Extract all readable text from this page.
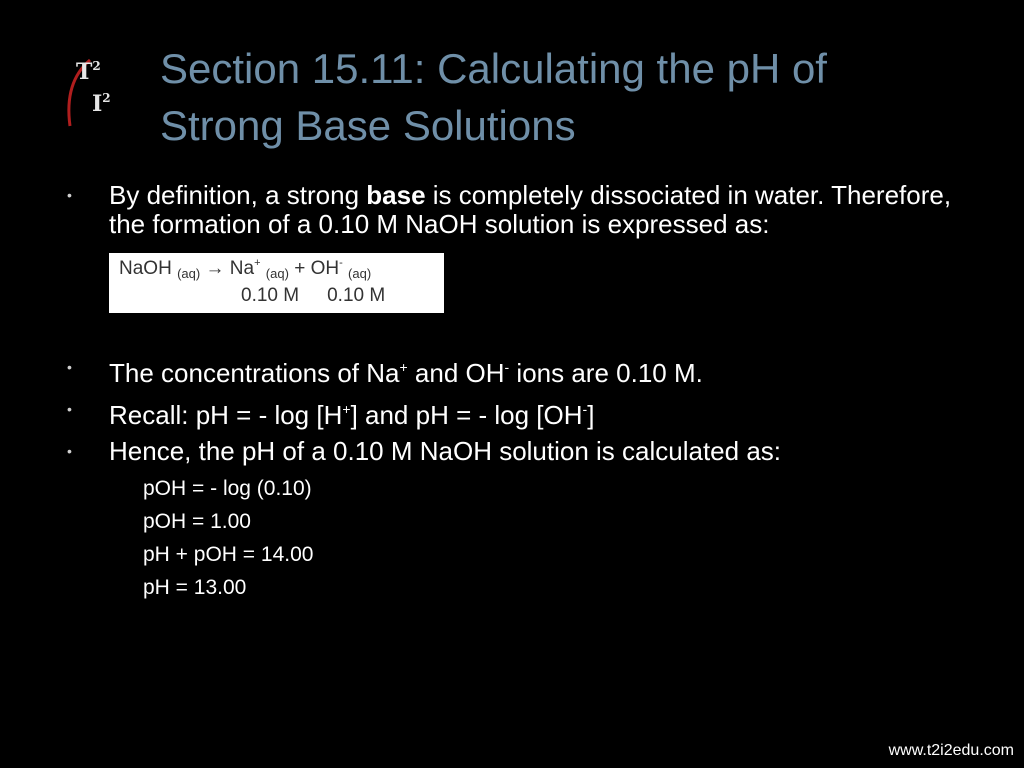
$T^2$
$I^2$
Section 15.11: Calculating the pH of
Strong Base Solutions
• By definition, a strong base is completely dissociated in water. Therefore, the formation of a 0.10 M NaOH solution is expressed as:
NaOH $_{(aq)}$ → Na+ $_{(aq)}$ + OH- $_{(aq)}$
0.10 M 0.10 M
• The concentrations of Na+ and OH- ions are 0.10 M.
• Recall: pH = - log [H+] and pH = - log [OH-]
• Hence, the pH of a 0.10 M NaOH solution is calculated as:
pOH = - log (0.10)
pOH = 1.00
pH + pOH = 14.00
pH = 13.00
www.t2i2edu.com
